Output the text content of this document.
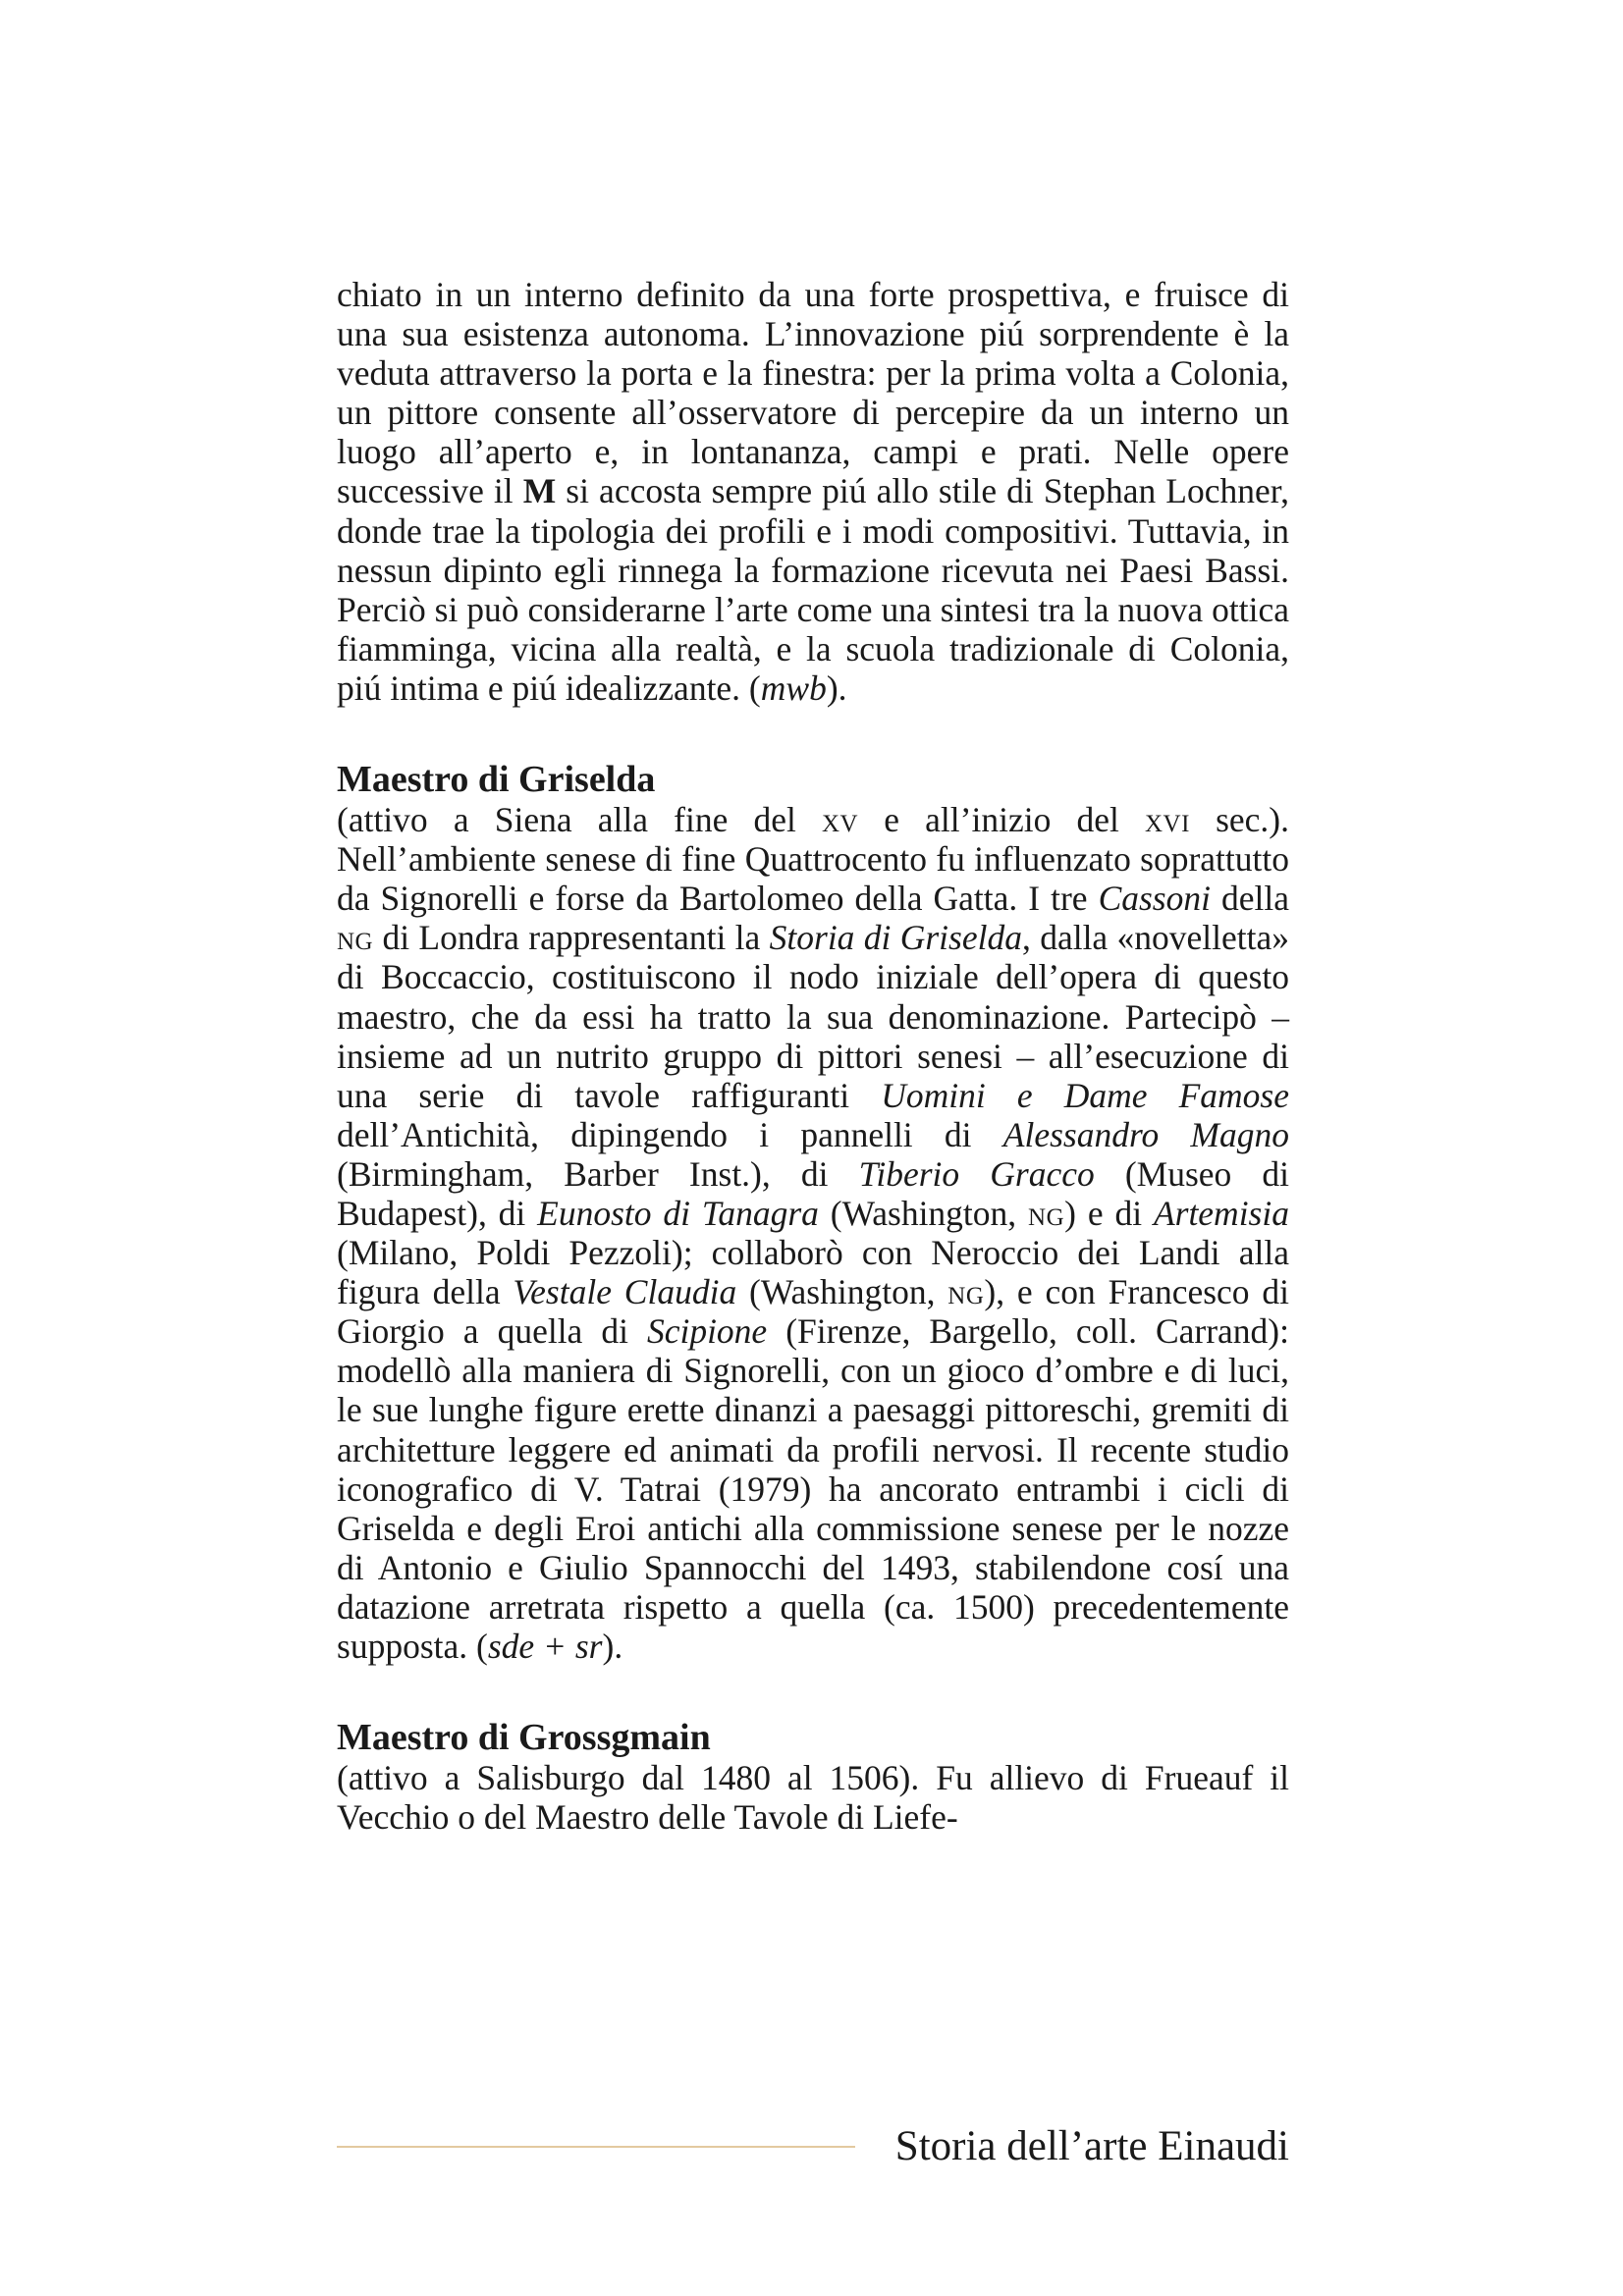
chiato in un interno definito da una forte prospettiva, e fruisce di una sua esistenza autonoma. L’innovazione piú sorprendente è la veduta attraverso la porta e la finestra: per la prima volta a Colonia, un pittore consente all’osservatore di percepire da un interno un luogo all’aperto e, in lontananza, campi e prati. Nelle opere successive il M si accosta sempre piú allo stile di Stephan Lochner, donde trae la tipologia dei profili e i modi compositivi. Tuttavia, in nessun dipinto egli rinnega la formazione ricevuta nei Paesi Bassi. Perciò si può considerarne l’arte come una sintesi tra la nuova ottica fiamminga, vicina alla realtà, e la scuola tradizionale di Colonia, piú intima e piú idealizzante. (mwb).

Maestro di Griselda

(attivo a Siena alla fine del xv e all’inizio del xvi sec.). Nell’ambiente senese di fine Quattrocento fu influenzato soprattutto da Signorelli e forse da Bartolomeo della Gatta. I tre Cassoni della ng di Londra rappresentanti la Storia di Griselda, dalla «novelletta» di Boccaccio, costituiscono il nodo iniziale dell’opera di questo maestro, che da essi ha tratto la sua denominazione. Partecipò – insieme ad un nutrito gruppo di pittori senesi – all’esecuzione di una serie di tavole raffiguranti Uomini e Dame Famose dell’Antichità, dipingendo i pannelli di Alessandro Magno (Birmingham, Barber Inst.), di Tiberio Gracco (Museo di Budapest), di Eunosto di Tanagra (Washington, ng) e di Artemisia (Milano, Poldi Pezzoli); collaborò con Neroccio dei Landi alla figura della Vestale Claudia (Washington, ng), e con Francesco di Giorgio a quella di Scipione (Firenze, Bargello, coll. Carrand): modellò alla maniera di Signorelli, con un gioco d’ombre e di luci, le sue lunghe figure erette dinanzi a paesaggi pittoreschi, gremiti di architetture leggere ed animati da profili nervosi. Il recente studio iconografico di V. Tatrai (1979) ha ancorato entrambi i cicli di Griselda e degli Eroi antichi alla commissione senese per le nozze di Antonio e Giulio Spannocchi del 1493, stabilendone cosí una datazione arretrata rispetto a quella (ca. 1500) precedentemente supposta. (sde + sr).

Maestro di Grossgmain

(attivo a Salisburgo dal 1480 al 1506). Fu allievo di Frueauf il Vecchio o del Maestro delle Tavole di Liefe-

Storia dell’arte Einaudi
